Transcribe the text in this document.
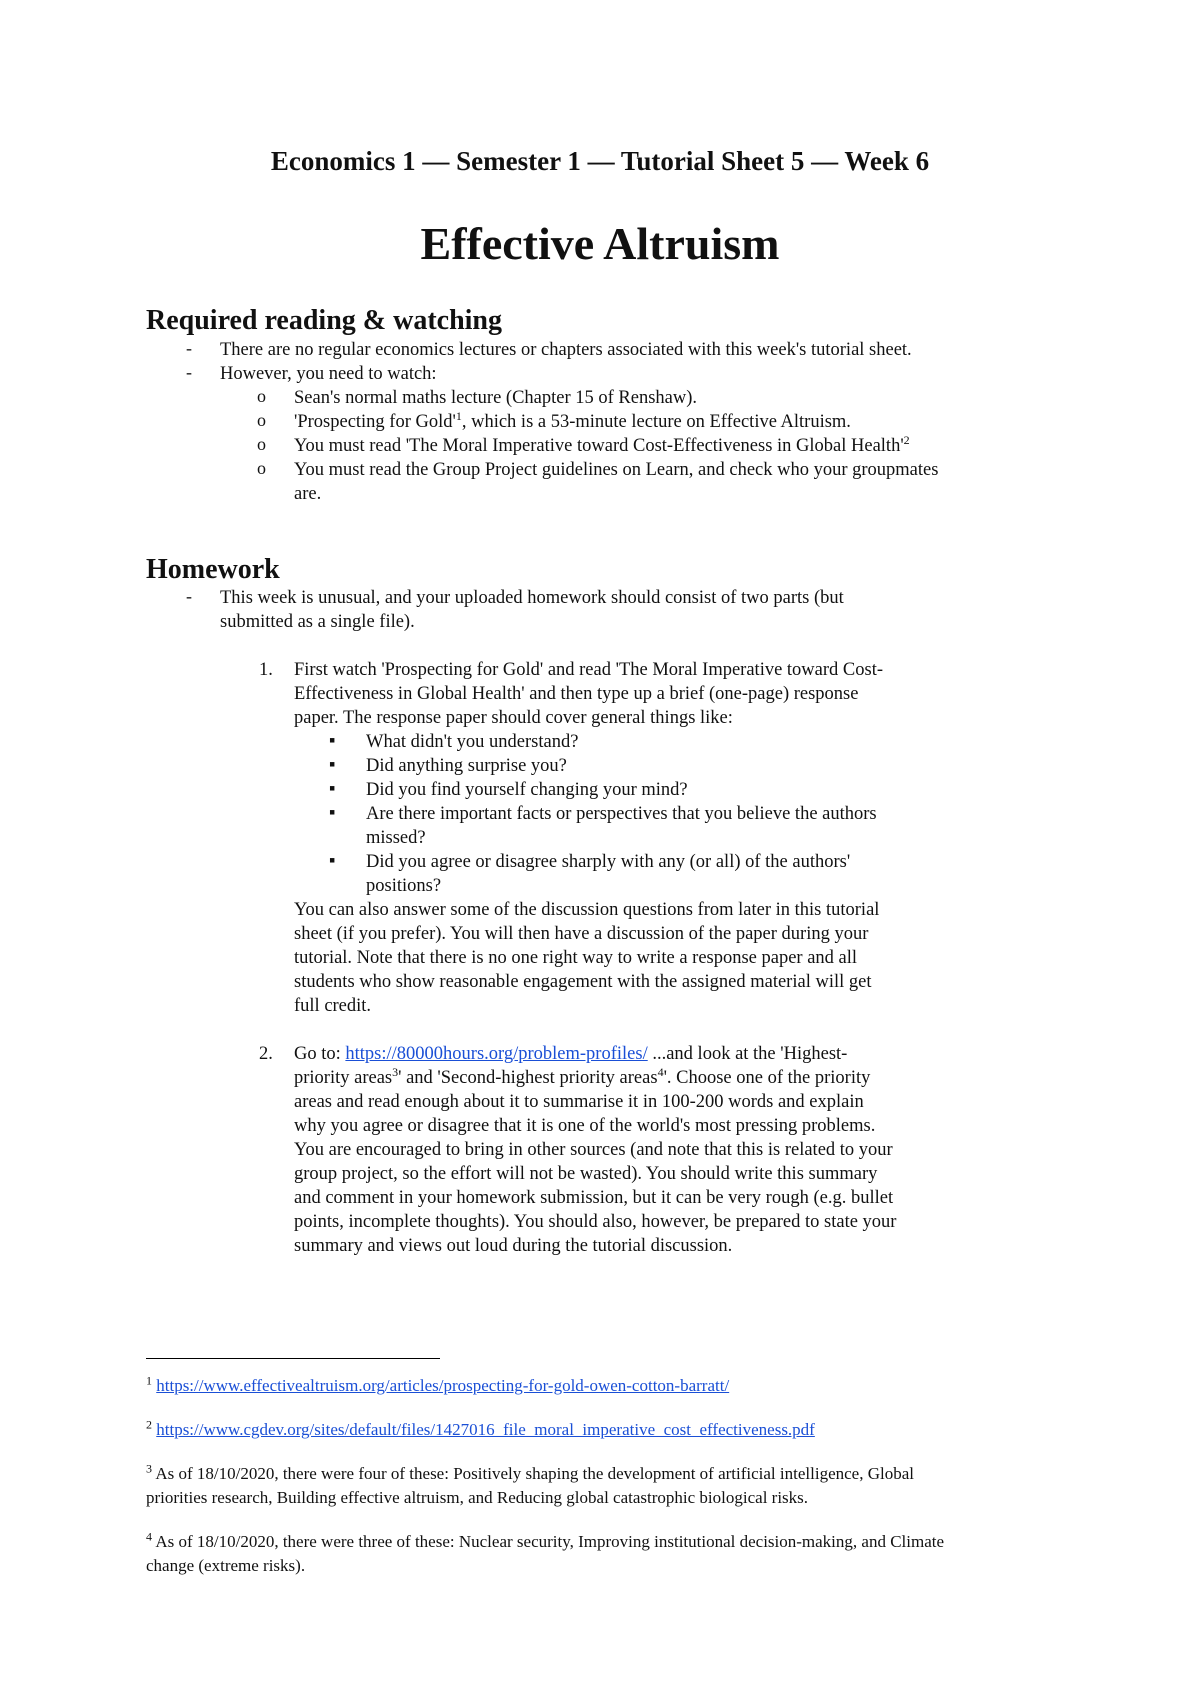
Economics 1 — Semester 1 — Tutorial Sheet 5 — Week 6
Effective Altruism
Required reading & watching
- There are no regular economics lectures or chapters associated with this week's tutorial sheet.
- However, you need to watch:
o Sean's normal maths lecture (Chapter 15 of Renshaw).
o 'Prospecting for $Gold'^1$, which is a 53-minute lecture on Effective Altruism.
o You must read 'The Moral Imperative toward Cost-Effectiveness in Global $Health'^2$
o You must read the Group Project guidelines on Learn, and check who your groupmates
are.
Homework
- This week is unusual, and your uploaded homework should consist of two parts (but
submitted as a single file).
1. First watch 'Prospecting for Gold' and read 'The Moral Imperative toward Cost-
Effectiveness in Global Health' and then type up a brief (one-page) response
paper. The response paper should cover general things like:
▪ What didn't you understand?
▪ Did anything surprise you?
▪ Did you find yourself changing your mind?
▪ Are there important facts or perspectives that you believe the authors
missed?
▪ Did you agree or disagree sharply with any (or all) of the authors'
positions?
You can also answer some of the discussion questions from later in this tutorial
sheet (if you prefer). You will then have a discussion of the paper during your
tutorial. Note that there is no one right way to write a response paper and all
students who show reasonable engagement with the assigned material will get
full credit.
2. Go to: https://80000hours.org/problem-profiles/ ...and look at the 'Highest-
priority areas$^3$' and 'Second-highest priority areas$^4$'. Choose one of the priority
areas and read enough about it to summarise it in 100-200 words and explain
why you agree or disagree that it is one of the world's most pressing problems.
You are encouraged to bring in other sources (and note that this is related to your
group project, so the effort will not be wasted). You should write this summary
and comment in your homework submission, but it can be very rough (e.g. bullet
points, incomplete thoughts). You should also, however, be prepared to state your
summary and views out loud during the tutorial discussion.
$^1$ https://www.effectivealtruism.org/articles/prospecting-for-gold-owen-cotton-barratt/
$^2$ https://www.cgdev.org/sites/default/files/1427016_file_moral_imperative_cost_effectiveness.pdf
$^3$ As of 18/10/2020, there were four of these: Positively shaping the development of artificial intelligence, Global
priorities research, Building effective altruism, and Reducing global catastrophic biological risks.
$^4$ As of 18/10/2020, there were three of these: Nuclear security, Improving institutional decision-making, and Climate
change (extreme risks).
